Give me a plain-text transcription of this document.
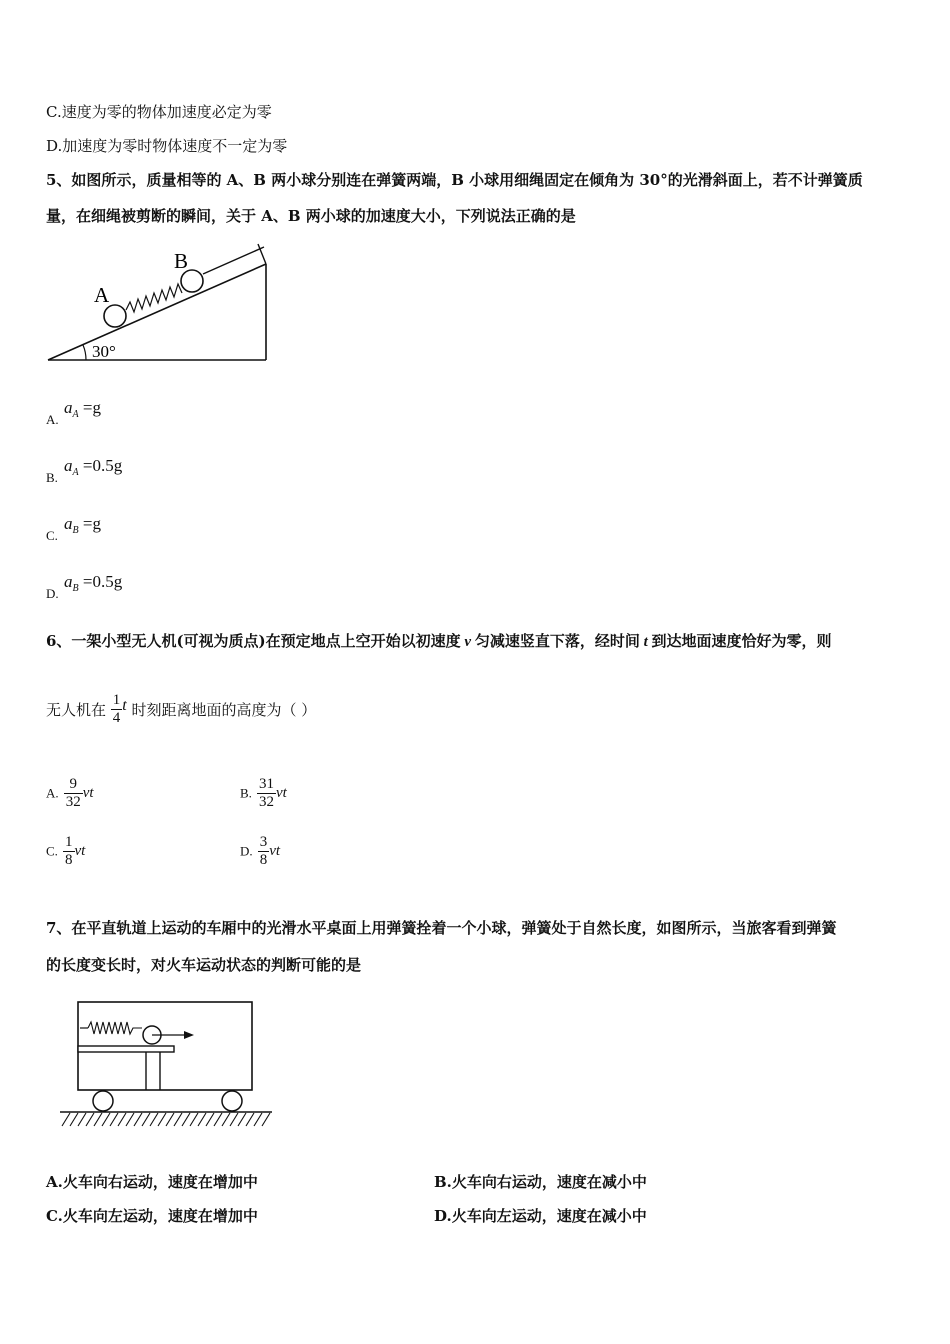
C.速度为零的物体加速度必定为零
D.加速度为零时物体速度不一定为零
5、如图所示，质量相等的 A、B 两小球分别连在弹簧两端，B 小球用细绳固定在倾角为 30°的光滑斜面上，若不计弹簧质
量，在细绳被剪断的瞬间，关于 A、B 两小球的加速度大小，下列说法正确的是
A
B
30°
A.
$a_A =g$
B.
$a_A =0.5g$
C.
$a_B =g$
D.
$a_B =0.5g$
6、一架小型无人机(可视为质点)在预定地点上空开始以初速度 v 匀减速竖直下落，经时间 t 到达地面速度恰好为零，则
无人机在 $\frac{1}{4}$ t 时刻距离地面的高度为（ ）
A. $\frac{9}{32}$ vt	B. $\frac{31}{32}$ vt
C. $\frac{1}{8}$ vt	D. $\frac{3}{8}$ vt
7、在平直轨道上运动的车厢中的光滑水平桌面上用弹簧拴着一个小球，弹簧处于自然长度，如图所示，当旅客看到弹簧
的长度变长时，对火车运动状态的判断可能的是
A.火车向右运动，速度在增加中	B.火车向右运动，速度在减小中
C.火车向左运动，速度在增加中	D.火车向左运动，速度在减小中
